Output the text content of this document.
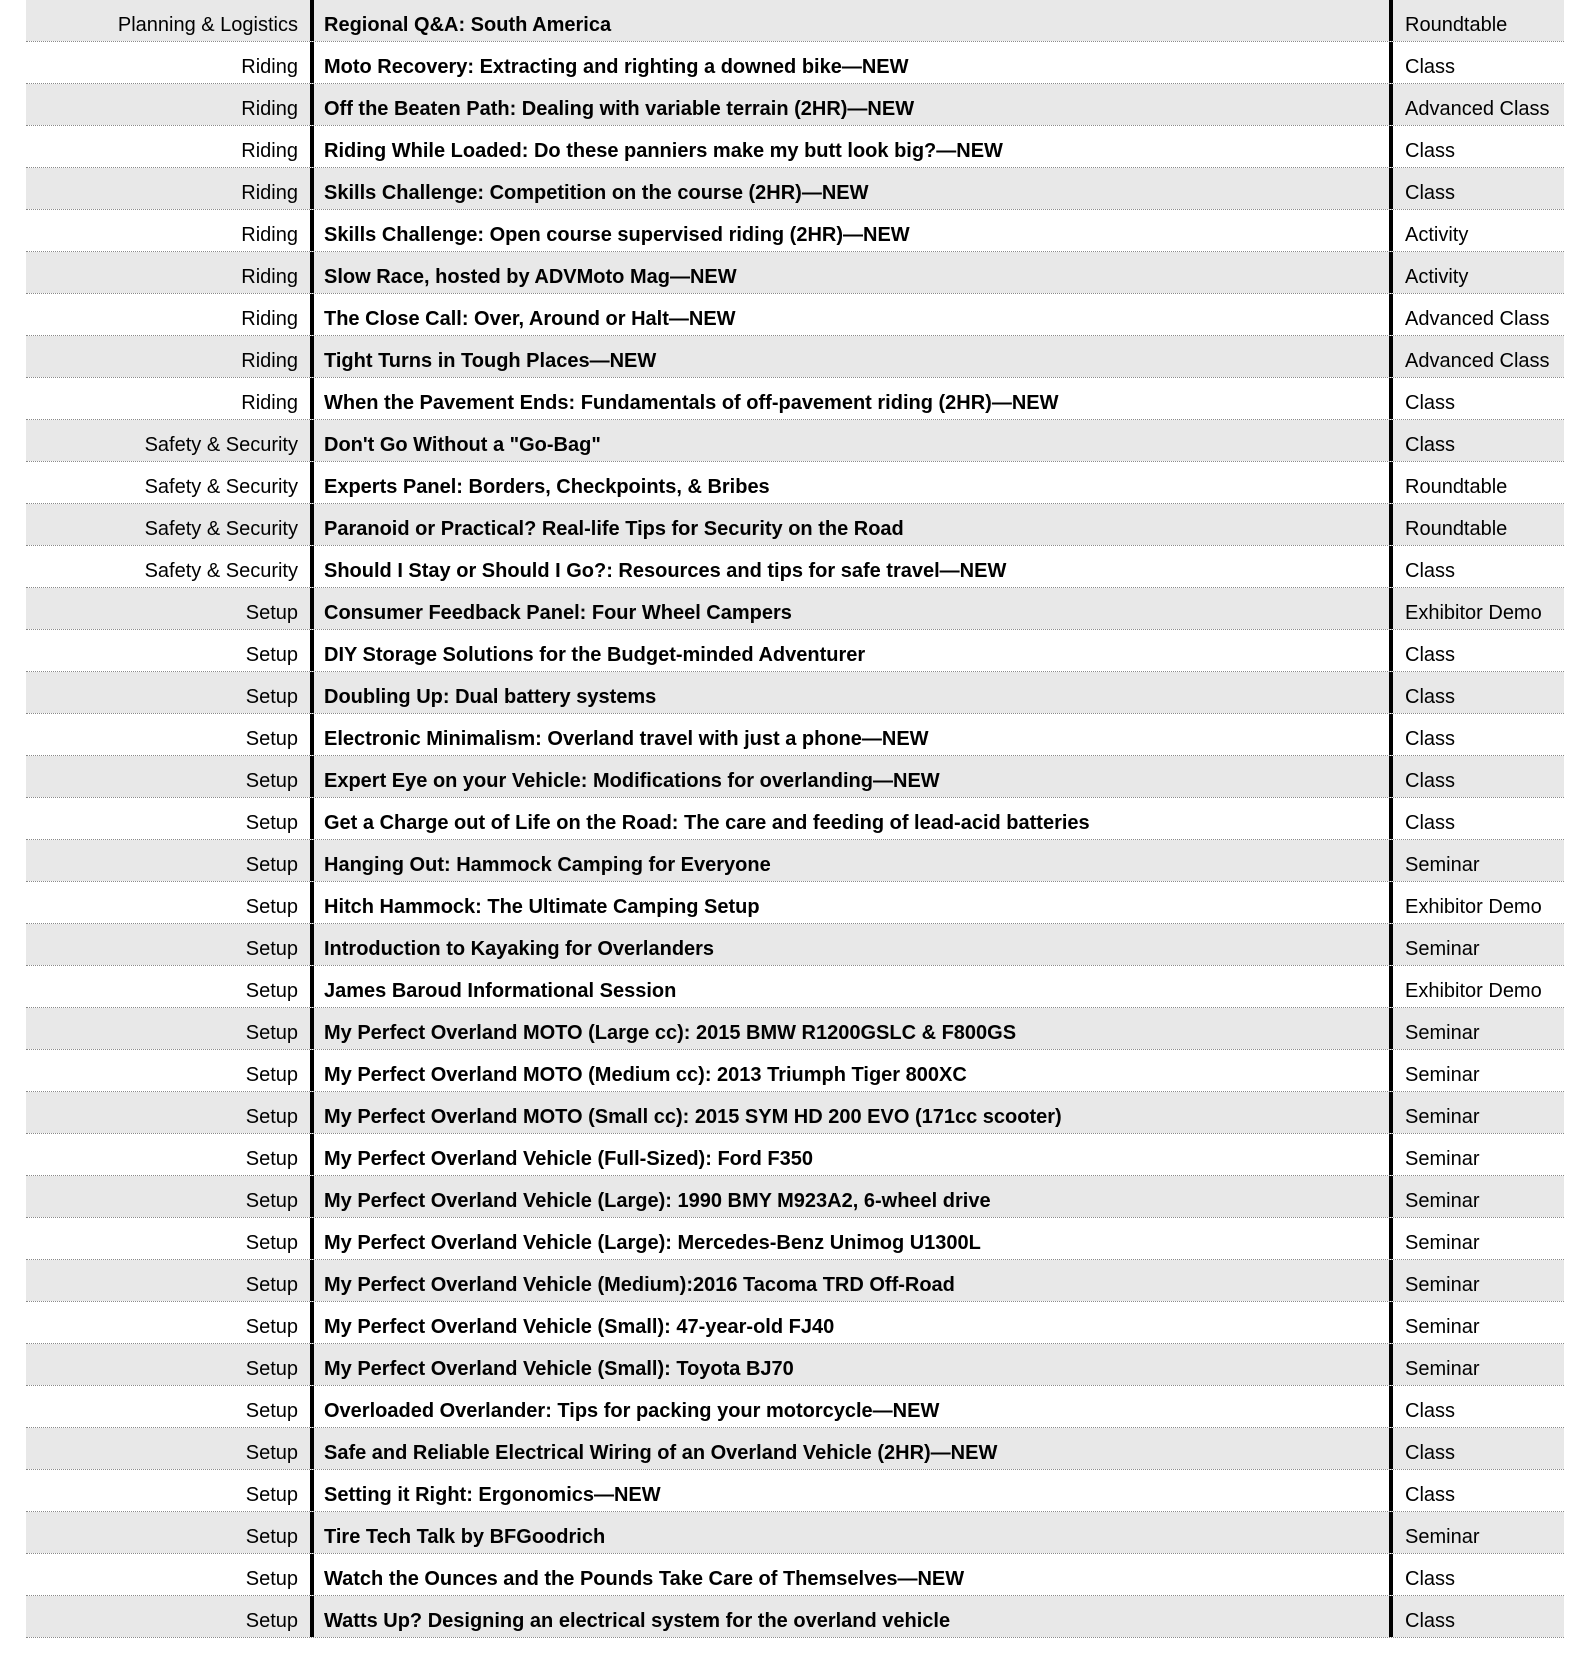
Planning & Logistics	Regional Q&A: South America	Roundtable
Riding	Moto Recovery: Extracting and righting a downed bike—NEW	Class
Riding	Off the Beaten Path: Dealing with variable terrain (2HR)—NEW	Advanced Class
Riding	Riding While Loaded: Do these panniers make my butt look big?—NEW	Class
Riding	Skills Challenge: Competition on the course (2HR)—NEW	Class
Riding	Skills Challenge: Open course supervised riding (2HR)—NEW	Activity
Riding	Slow Race, hosted by ADVMoto Mag—NEW	Activity
Riding	The Close Call: Over, Around or Halt—NEW	Advanced Class
Riding	Tight Turns in Tough Places—NEW	Advanced Class
Riding	When the Pavement Ends: Fundamentals of off-pavement riding (2HR)—NEW	Class
Safety & Security	Don't Go Without a "Go-Bag"	Class
Safety & Security	Experts Panel: Borders, Checkpoints, & Bribes	Roundtable
Safety & Security	Paranoid or Practical? Real-life Tips for Security on the Road	Roundtable
Safety & Security	Should I Stay or Should I Go?: Resources and tips for safe travel—NEW	Class
Setup	Consumer Feedback Panel: Four Wheel Campers	Exhibitor Demo
Setup	DIY Storage Solutions for the Budget-minded Adventurer	Class
Setup	Doubling Up: Dual battery systems	Class
Setup	Electronic Minimalism: Overland travel with just a phone—NEW	Class
Setup	Expert Eye on your Vehicle: Modifications for overlanding—NEW	Class
Setup	Get a Charge out of Life on the Road: The care and feeding of lead-acid batteries	Class
Setup	Hanging Out: Hammock Camping for Everyone	Seminar
Setup	Hitch Hammock: The Ultimate Camping Setup	Exhibitor Demo
Setup	Introduction to Kayaking for Overlanders	Seminar
Setup	James Baroud Informational Session	Exhibitor Demo
Setup	My Perfect Overland MOTO (Large cc): 2015 BMW R1200GSLC & F800GS	Seminar
Setup	My Perfect Overland MOTO (Medium cc): 2013 Triumph Tiger 800XC	Seminar
Setup	My Perfect Overland MOTO (Small cc): 2015 SYM HD 200 EVO (171cc scooter)	Seminar
Setup	My Perfect Overland Vehicle (Full-Sized): Ford F350	Seminar
Setup	My Perfect Overland Vehicle (Large): 1990 BMY M923A2, 6-wheel drive	Seminar
Setup	My Perfect Overland Vehicle (Large): Mercedes-Benz Unimog U1300L	Seminar
Setup	My Perfect Overland Vehicle (Medium):2016 Tacoma TRD Off-Road	Seminar
Setup	My Perfect Overland Vehicle (Small): 47-year-old FJ40	Seminar
Setup	My Perfect Overland Vehicle (Small): Toyota BJ70	Seminar
Setup	Overloaded Overlander: Tips for packing your motorcycle—NEW	Class
Setup	Safe and Reliable Electrical Wiring of an Overland Vehicle (2HR)—NEW	Class
Setup	Setting it Right: Ergonomics—NEW	Class
Setup	Tire Tech Talk by BFGoodrich	Seminar
Setup	Watch the Ounces and the Pounds Take Care of Themselves—NEW	Class
Setup	Watts Up? Designing an electrical system for the overland vehicle	Class
